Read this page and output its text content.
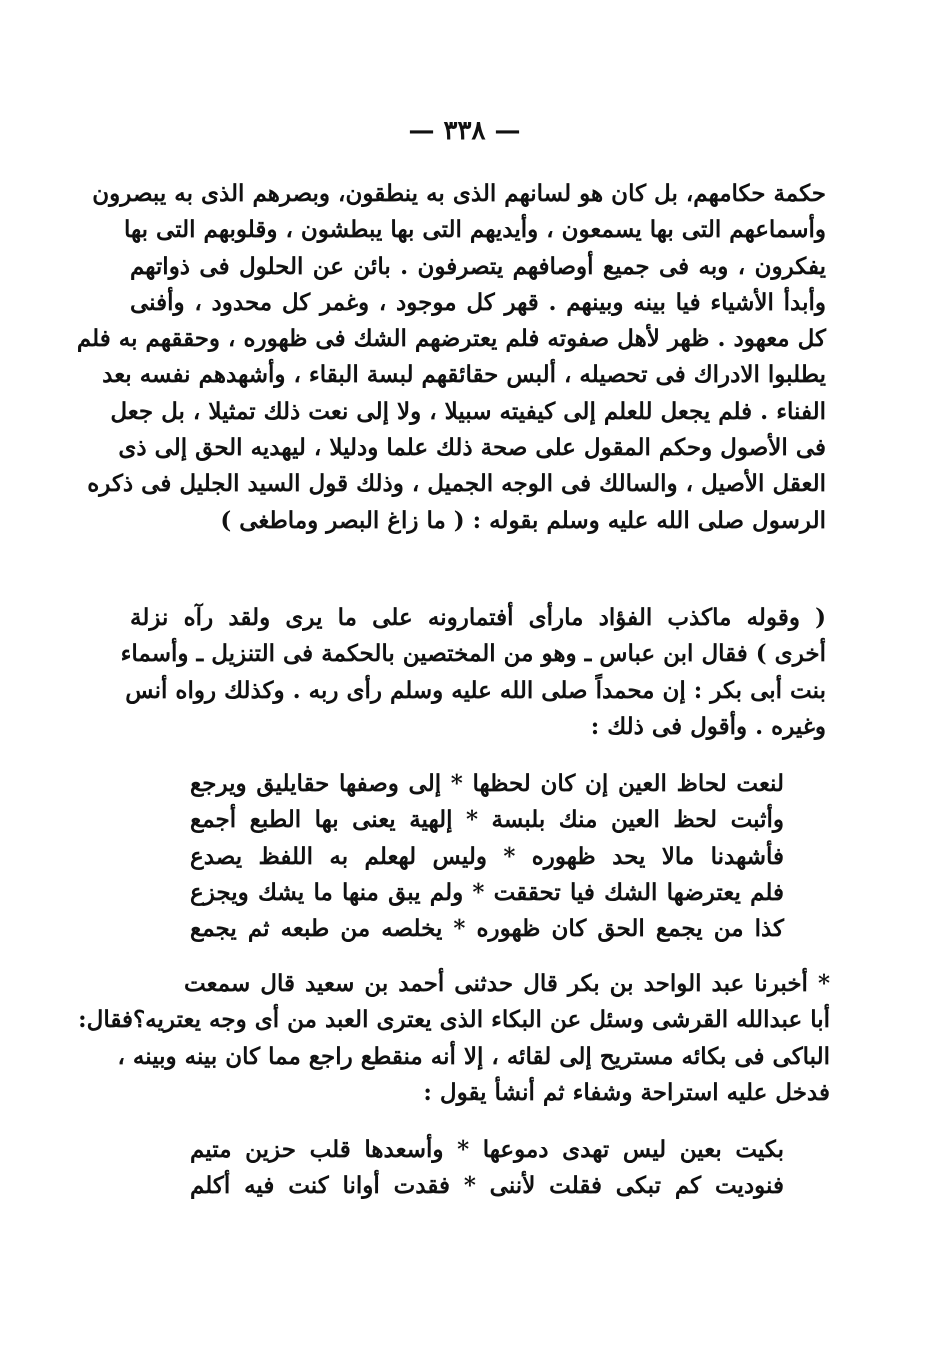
— ٣٣٨ —
حكمة حكامهم، بل كان هو لسانهم الذى به ينطقون، وبصرهم الذى به يبصرون
وأسماعهم التى بها يسمعون ، وأيديهم التى بها يبطشون ، وقلوبهم التى بها
يفكرون ، وبه فى جميع أوصافهم يتصرفون . بائن عن الحلول فى ذواتهم
وأبدأ الأشياء فيا بينه وبينهم . قهر كل موجود ، وغمر كل محدود ، وأفنى
كل معهود . ظهر لأهل صفوته فلم يعترضهم الشك فى ظهوره ، وحققهم به فلم
يطلبوا الادراك فى تحصيله ، ألبس حقائقهم لبسة البقاء ، وأشهدهم نفسه بعد
الفناء . فلم يجعل للعلم إلى كيفيته سبيلا ، ولا إلى نعت ذلك تمثيلا ، بل جعل
فى الأصول وحكم المقول على صحة ذلك علما ودليلا ، ليهديه الحق إلى ذى
العقل الأصيل ، والسالك فى الوجه الجميل ، وذلك قول السيد الجليل فى ذكره
الرسول صلى الله عليه وسلم بقوله : ( ما زاغ البصر وماطغى )
( وقوله ماكذب الفؤاد مارأى أفتمارونه على ما يرى ولقد رآه نزلة
أخرى ) فقال ابن عباس ـ وهو من المختصين بالحكمة فى التنزيل ـ وأسماء
بنت أبى بكر : إن محمداً صلى الله عليه وسلم رأى ربه . وكذلك رواه أنس
وغيره . وأقول فى ذلك :
لنعت لحاظ العين إن كان لحظها * إلى وصفها حقايليق ويرجع
وأثبت لحظ العين منك بلبسة * إلهية يعنى بها الطبع أجمع
فأشهدنا مالا يحد ظهوره * وليس لهعلم به اللفظ يصدع
فلم يعترضها الشك فيا تحققت * ولم يبق منها ما يشك ويجزع
كذا من يجمع الحق كان ظهوره * يخلصه من طبعه ثم يجمع
* أخبرنا عبد الواحد بن بكر قال حدثنى أحمد بن سعيد قال سمعت
أبا عبدالله القرشى وسئل عن البكاء الذى يعترى العبد من أى وجه يعتريه؟فقال:
الباكى فى بكائه مستريح إلى لقائه ، إلا أنه منقطع راجع مما كان بينه وبينه ،
فدخل عليه استراحة وشفاء ثم أنشأ يقول :
بكيت بعين ليس تهدى دموعها * وأسعدها قلب حزين متيم
فنوديت كم تبكى فقلت لأننى * فقدت أوانا كنت فيه أكلم
